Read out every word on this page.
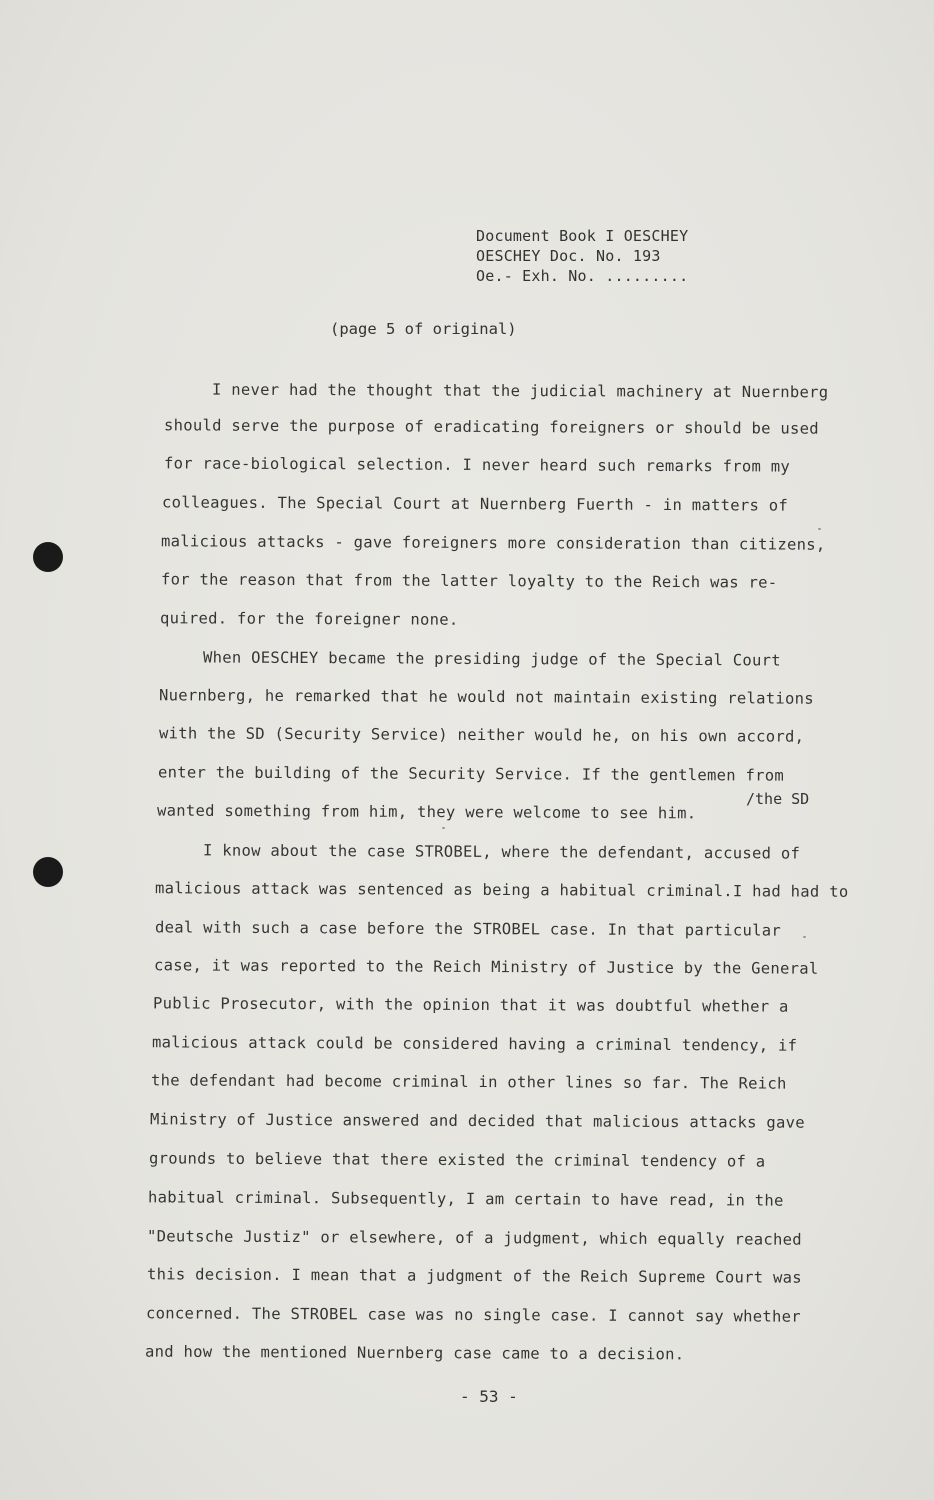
Document Book I OESCHEY
OESCHEY Doc. No. 193
Oe.- Exh. No. .........
(page 5 of original)
I never had the thought that the judicial machinery at Nuernberg
should serve the purpose of eradicating foreigners or should be used
for race-biological selection. I never heard such remarks from my
colleagues. The Special Court at Nuernberg Fuerth - in matters of
malicious attacks - gave foreigners more consideration than citizens,
for the reason that from the latter loyalty to the Reich was re-
quired. for the foreigner none.
When OESCHEY became the presiding judge of the Special Court
Nuernberg, he remarked that he would not maintain existing relations
with the SD (Security Service) neither would he, on his own accord,
enter the building of the Security Service. If the gentlemen from
/the SD
wanted something from him, they were welcome to see him.
I know about the case STROBEL, where the defendant, accused of
malicious attack was sentenced as being a habitual criminal.I had had to
deal with such a case before the STROBEL case. In that particular
case, it was reported to the Reich Ministry of Justice by the General
Public Prosecutor, with the opinion that it was doubtful whether a
malicious attack could be considered having a criminal tendency, if
the defendant had become criminal in other lines so far. The Reich
Ministry of Justice answered and decided that malicious attacks gave
grounds to believe that there existed the criminal tendency of a
habitual criminal. Subsequently, I am certain to have read, in the
"Deutsche Justiz" or elsewhere, of a judgment, which equally reached
this decision. I mean that a judgment of the Reich Supreme Court was
concerned. The STROBEL case was no single case. I cannot say whether
and how the mentioned Nuernberg case came to a decision.
- 53 -
